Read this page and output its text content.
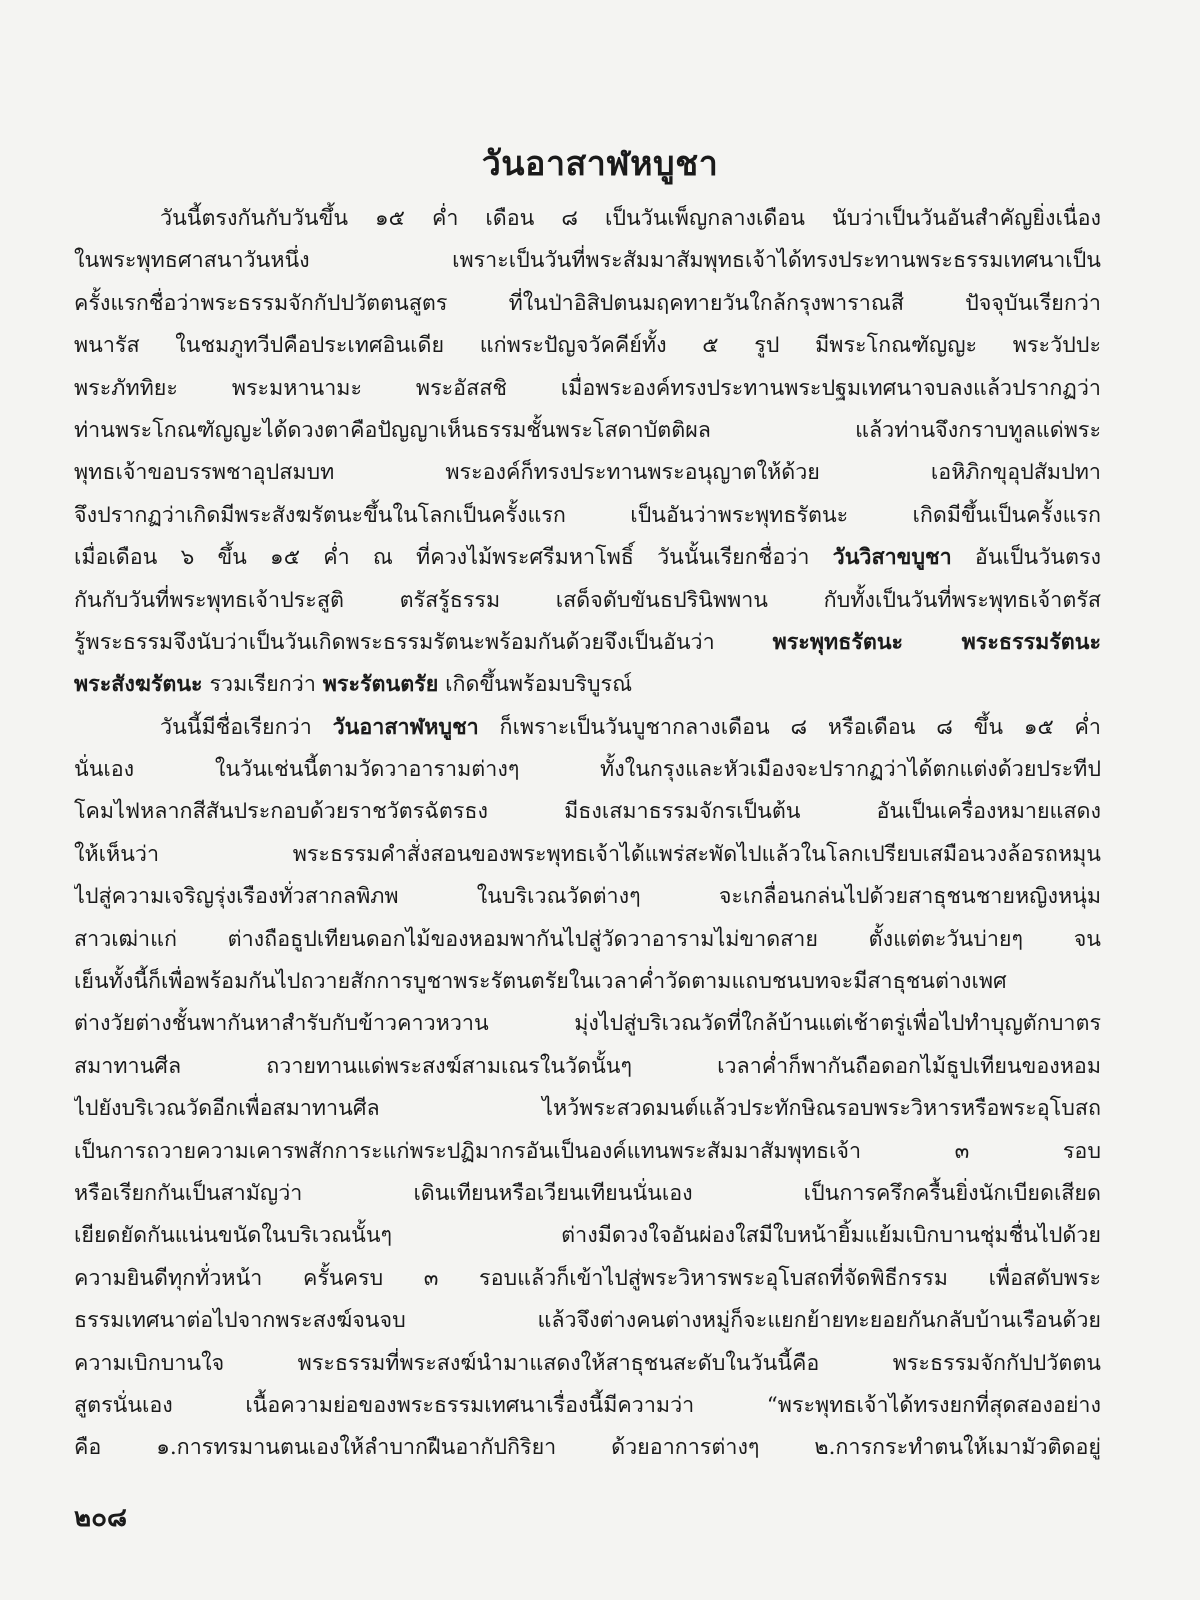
วันอาสาฬหบูชา
วันนี้ตรงกันกับวันขึ้น ๑๕ ค่ำ เดือน ๘ เป็นวันเพ็ญกลางเดือน นับว่าเป็นวันอันสำคัญยิ่งเนื่อง
ในพระพุทธศาสนาวันหนึ่ง เพราะเป็นวันที่พระสัมมาสัมพุทธเจ้าได้ทรงประทานพระธรรมเทศนาเป็น
ครั้งแรกชื่อว่าพระธรรมจักกัปปวัตตนสูตร ที่ในป่าอิสิปตนมฤคทายวันใกล้กรุงพาราณสี ปัจจุบันเรียกว่า
พนารัส ในชมภูทวีปคือประเทศอินเดีย แก่พระปัญจวัคคีย์ทั้ง ๕ รูป มีพระโกณฑัญญะ พระวัปปะ
พระภัททิยะ พระมหานามะ พระอัสสชิ เมื่อพระองค์ทรงประทานพระปฐมเทศนาจบลงแล้วปรากฏว่า
ท่านพระโกณฑัญญะได้ดวงตาคือปัญญาเห็นธรรมชั้นพระโสดาบัตติผล แล้วท่านจึงกราบทูลแด่พระ
พุทธเจ้าขอบรรพชาอุปสมบท พระองค์ก็ทรงประทานพระอนุญาตให้ด้วย เอหิภิกขุอุปสัมปทา
จึงปรากฏว่าเกิดมีพระสังฆรัตนะขึ้นในโลกเป็นครั้งแรก เป็นอันว่าพระพุทธรัตนะ เกิดมีขึ้นเป็นครั้งแรก
เมื่อเดือน ๖ ขึ้น ๑๕ ค่ำ ณ ที่ควงไม้พระศรีมหาโพธิ์ วันนั้นเรียกชื่อว่า วันวิสาขบูชา อันเป็นวันตรง
กันกับวันที่พระพุทธเจ้าประสูติ ตรัสรู้ธรรม เสด็จดับขันธปรินิพพาน กับทั้งเป็นวันที่พระพุทธเจ้าตรัส
รู้พระธรรมจึงนับว่าเป็นวันเกิดพระธรรมรัตนะพร้อมกันด้วยจึงเป็นอันว่า พระพุทธรัตนะ พระธรรมรัตนะ
พระสังฆรัตนะ รวมเรียกว่า พระรัตนตรัย เกิดขึ้นพร้อมบริบูรณ์
วันนี้มีชื่อเรียกว่า วันอาสาฬหบูชา ก็เพราะเป็นวันบูชากลางเดือน ๘ หรือเดือน ๘ ขึ้น ๑๕ ค่ำ
นั่นเอง ในวันเช่นนี้ตามวัดวาอารามต่างๆ ทั้งในกรุงและหัวเมืองจะปรากฏว่าได้ตกแต่งด้วยประทีป
โคมไฟหลากสีสันประกอบด้วยราชวัตรฉัตรธง มีธงเสมาธรรมจักรเป็นต้น อันเป็นเครื่องหมายแสดง
ให้เห็นว่า พระธรรมคำสั่งสอนของพระพุทธเจ้าได้แพร่สะพัดไปแล้วในโลกเปรียบเสมือนวงล้อรถหมุน
ไปสู่ความเจริญรุ่งเรืองทั่วสากลพิภพ ในบริเวณวัดต่างๆ จะเกลื่อนกล่นไปด้วยสาธุชนชายหญิงหนุ่ม
สาวเฒ่าแก่ ต่างถือธูปเทียนดอกไม้ของหอมพากันไปสู่วัดวาอารามไม่ขาดสาย ตั้งแต่ตะวันบ่ายๆ จน
เย็นทั้งนี้ก็เพื่อพร้อมกันไปถวายสักการบูชาพระรัตนตรัยในเวลาค่ำวัดตามแถบชนบทจะมีสาธุชนต่างเพศ
ต่างวัยต่างชั้นพากันหาสำรับกับข้าวคาวหวาน มุ่งไปสู่บริเวณวัดที่ใกล้บ้านแต่เช้าตรู่เพื่อไปทำบุญตักบาตร
สมาทานศีล ถวายทานแด่พระสงฆ์สามเณรในวัดนั้นๆ เวลาค่ำก็พากันถือดอกไม้ธูปเทียนของหอม
ไปยังบริเวณวัดอีกเพื่อสมาทานศีล ไหว้พระสวดมนต์แล้วประทักษิณรอบพระวิหารหรือพระอุโบสถ
เป็นการถวายความเคารพสักการะแก่พระปฏิมากรอันเป็นองค์แทนพระสัมมาสัมพุทธเจ้า ๓ รอบ
หรือเรียกกันเป็นสามัญว่า เดินเทียนหรือเวียนเทียนนั่นเอง เป็นการครึกครื้นยิ่งนักเบียดเสียด
เยียดยัดกันแน่นขนัดในบริเวณนั้นๆ ต่างมีดวงใจอันผ่องใสมีใบหน้ายิ้มแย้มเบิกบานชุ่มชื่นไปด้วย
ความยินดีทุกทั่วหน้า ครั้นครบ ๓ รอบแล้วก็เข้าไปสู่พระวิหารพระอุโบสถที่จัดพิธีกรรม เพื่อสดับพระ
ธรรมเทศนาต่อไปจากพระสงฆ์จนจบ แล้วจึงต่างคนต่างหมู่ก็จะแยกย้ายทะยอยกันกลับบ้านเรือนด้วย
ความเบิกบานใจ พระธรรมที่พระสงฆ์นำมาแสดงให้สาธุชนสะดับในวันนี้คือ พระธรรมจักกัปปวัตตน
สูตรนั่นเอง เนื้อความย่อของพระธรรมเทศนาเรื่องนี้มีความว่า “พระพุทธเจ้าได้ทรงยกที่สุดสองอย่าง
คือ ๑.การทรมานตนเองให้ลำบากฝืนอากัปกิริยา ด้วยอาการต่างๆ ๒.การกระทำตนให้เมามัวติดอยู่
๒๐๘
